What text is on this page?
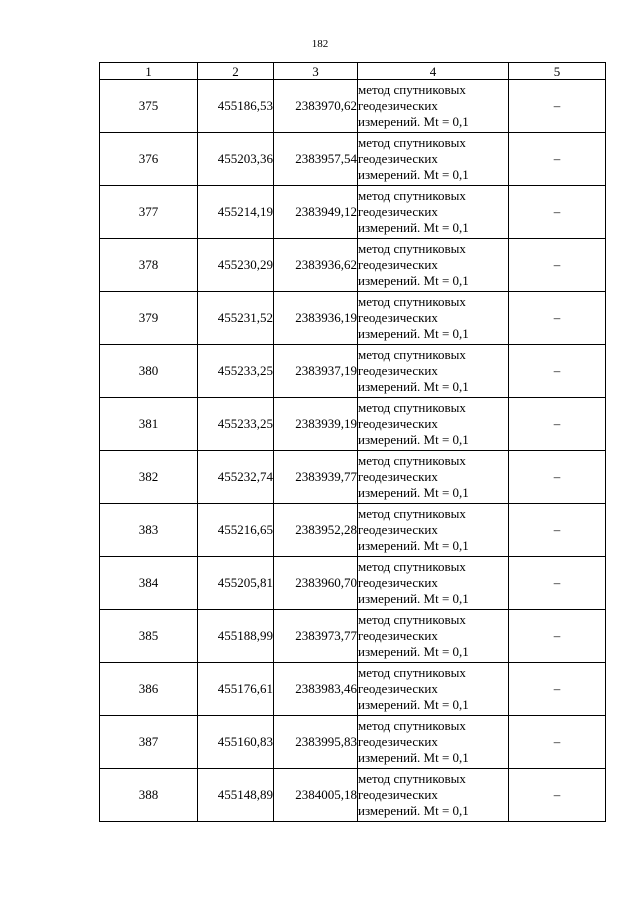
182
1	2	3	4	5
375	455186,53	2383970,62	метод спутниковых
геодезических
измерений. Mt = 0,1	–
376	455203,36	2383957,54	метод спутниковых
геодезических
измерений. Mt = 0,1	–
377	455214,19	2383949,12	метод спутниковых
геодезических
измерений. Mt = 0,1	–
378	455230,29	2383936,62	метод спутниковых
геодезических
измерений. Mt = 0,1	–
379	455231,52	2383936,19	метод спутниковых
геодезических
измерений. Mt = 0,1	–
380	455233,25	2383937,19	метод спутниковых
геодезических
измерений. Mt = 0,1	–
381	455233,25	2383939,19	метод спутниковых
геодезических
измерений. Mt = 0,1	–
382	455232,74	2383939,77	метод спутниковых
геодезических
измерений. Mt = 0,1	–
383	455216,65	2383952,28	метод спутниковых
геодезических
измерений. Mt = 0,1	–
384	455205,81	2383960,70	метод спутниковых
геодезических
измерений. Mt = 0,1	–
385	455188,99	2383973,77	метод спутниковых
геодезических
измерений. Mt = 0,1	–
386	455176,61	2383983,46	метод спутниковых
геодезических
измерений. Mt = 0,1	–
387	455160,83	2383995,83	метод спутниковых
геодезических
измерений. Mt = 0,1	–
388	455148,89	2384005,18	метод спутниковых
геодезических
измерений. Mt = 0,1	–
